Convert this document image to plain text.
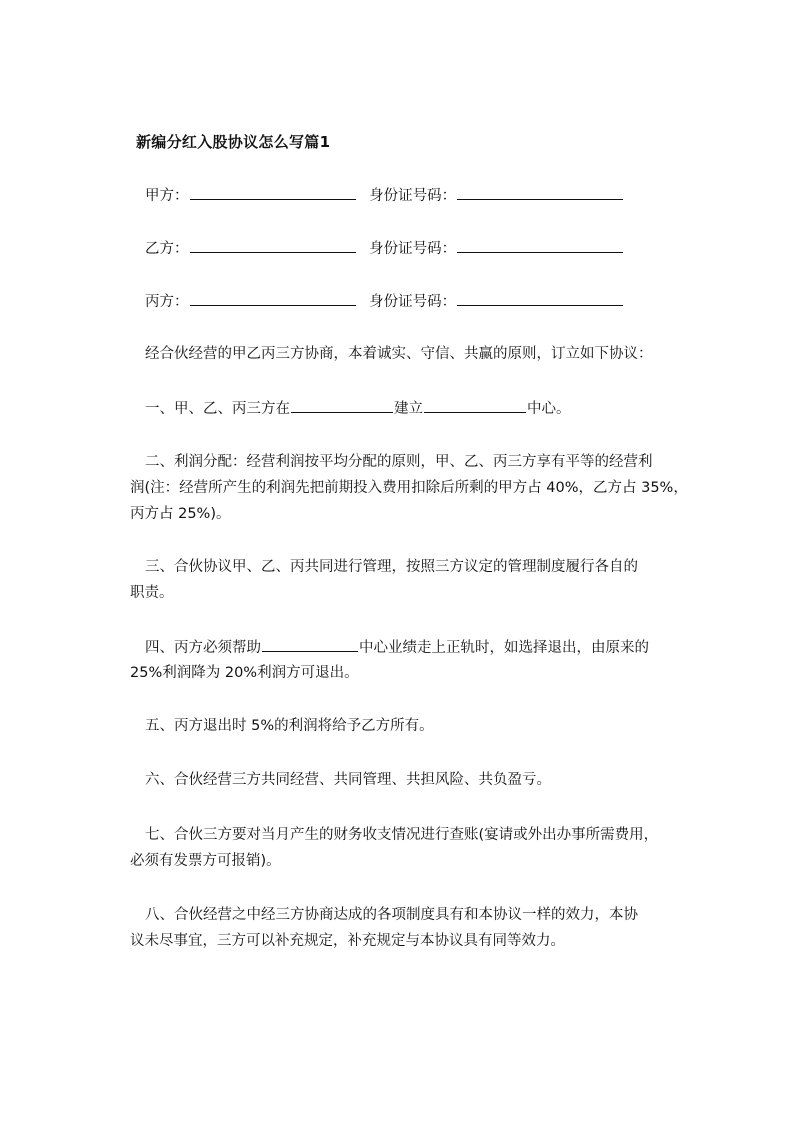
新编分红入股协议怎么写篇1
甲方：	身份证号码：
乙方：	身份证号码：
丙方：	身份证号码：
经合伙经营的甲乙丙三方协商，本着诚实、守信、共赢的原则，订立如下协议：
一、甲、乙、丙三方在	建立	中心。
二、利润分配：经营利润按平均分配的原则，甲、乙、丙三方享有平等的经营利
润(注：经营所产生的利润先把前期投入费用扣除后所剩的甲方占 40%，乙方占 35%，
丙方占 25%)。
三、合伙协议甲、乙、丙共同进行管理，按照三方议定的管理制度履行各自的
职责。
四、丙方必须帮助	中心业绩走上正轨时，如选择退出，由原来的
25%利润降为 20%利润方可退出。
五、丙方退出时 5%的利润将给予乙方所有。
六、合伙经营三方共同经营、共同管理、共担风险、共负盈亏。
七、合伙三方要对当月产生的财务收支情况进行查账(宴请或外出办事所需费用，
必须有发票方可报销)。
八、合伙经营之中经三方协商达成的各项制度具有和本协议一样的效力，本协
议未尽事宜，三方可以补充规定，补充规定与本协议具有同等效力。
